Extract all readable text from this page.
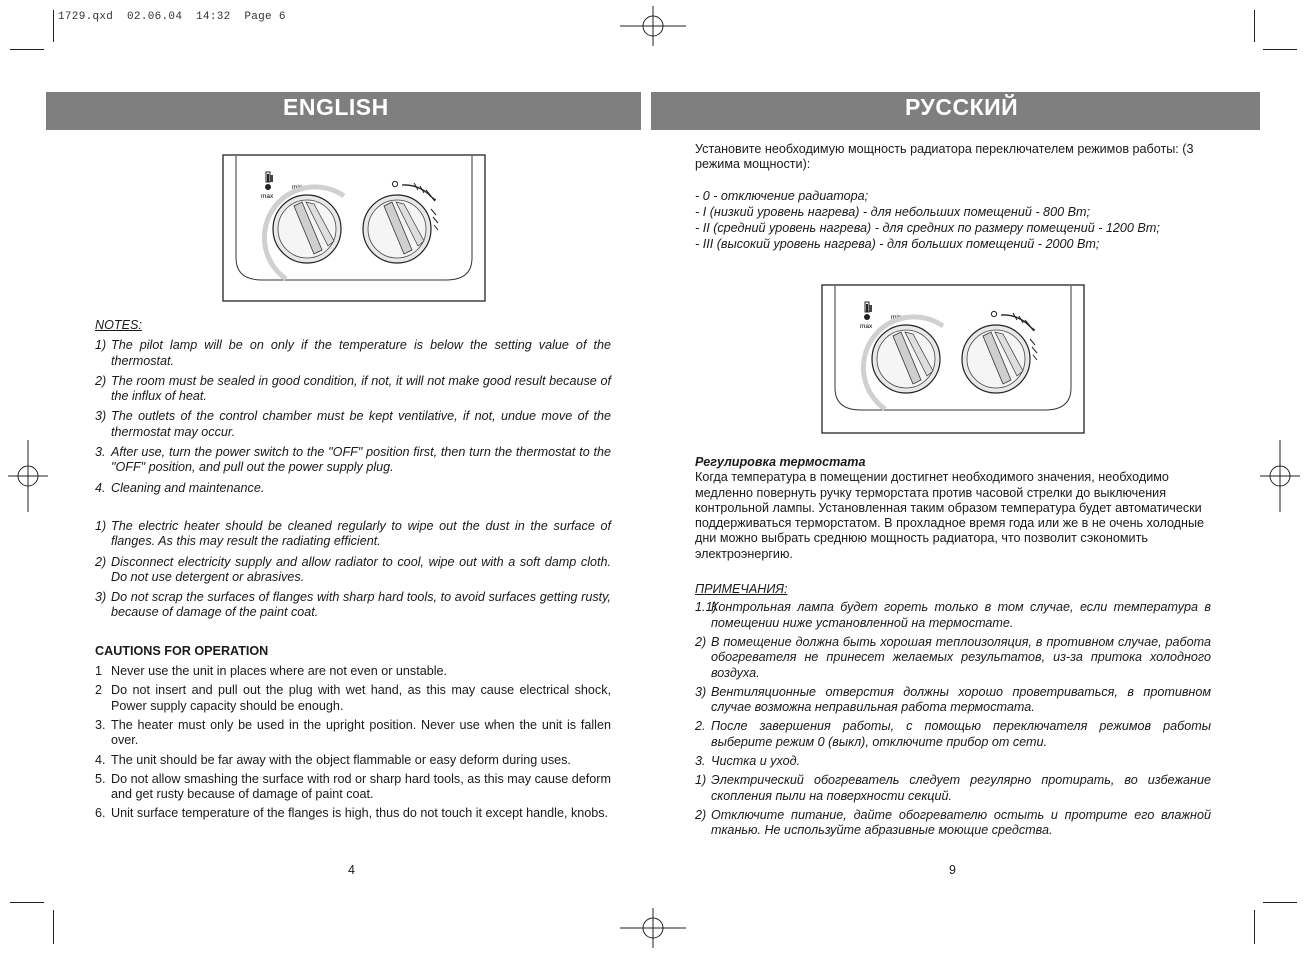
1729.qxd  02.06.04  14:32  Page 6
ENGLISH	РУССКИЙ
max
min
NOTES:
1) The pilot lamp will be on only if the temperature is below the setting value of the thermostat.
2) The room must be sealed in good condition, if not, it will not make good result because of the influx of heat.
3) The outlets of the control chamber must be kept ventilative, if not, undue move of the thermostat may occur.
3. After use, turn the power switch to the "OFF" position first, then turn the thermostat to the "OFF" position, and pull out the power supply plug.
4. Cleaning and maintenance.
1) The electric heater should be cleaned regularly to wipe out the dust in the surface of flanges. As this may result the radiating efficient.
2) Disconnect electricity supply and allow radiator to cool, wipe out with a soft damp cloth. Do not use detergent or abrasives.
3) Do not scrap the surfaces of flanges with sharp hard tools, to avoid surfaces getting rusty, because of damage of the paint coat.
CAUTIONS FOR OPERATION
1 Never use the unit in places where are not even or unstable.
2 Do not insert and pull out the plug with wet hand, as this may cause electrical shock, Power supply capacity should be enough.
3. The heater must only be used in the upright position. Never use when the unit is fallen over.
4. The unit should be far away with the object flammable or easy deform during uses.
5. Do not allow smashing the surface with rod or sharp hard tools, as this may cause deform and get rusty because of damage of paint coat.
6. Unit surface temperature of the flanges is high, thus do not touch it except handle, knobs.
4
Установите необходимую мощность радиатора переключателем режимов работы: (3 режима мощности):
- 0 - отключение радиатора;
- I (низкий уровень нагрева) - для небольших помещений - 800 Вт;
- II (средний уровень нагрева) - для средних по размеру помещений - 1200 Вт;
- III (высокий уровень нагрева) - для больших помещений - 2000 Вт;
max
min
Регулировка термостата
Когда температура в помещении достигнет необходимого значения, необходимо медленно повернуть ручку терморстата против часовой стрелки до выключения контрольной лампы. Установленная таким образом температура будет автоматически поддерживаться терморстатом. В прохладное время года или же в не очень холодные дни можно выбрать среднюю мощность радиатора, что позволит сэкономить электроэнергию.
ПРИМЕЧАНИЯ:
1.1)
Контрольная лампа будет гореть только в том случае, если температура в помещении ниже установленной на термостате.
2) В помещение должна быть хорошая теплоизоляция, в противном случае, работа обогревателя не принесет желаемых результатов, из-за притока холодного воздуха.
3) Вентиляционные отверстия должны хорошо проветриваться, в противном случае возможна неправильная работа термостата.
2. После завершения работы, с помощью переключателя режимов работы выберите режим 0 (выкл), отключите прибор от сети.
3. Чистка и уход.
1) Электрический обогреватель следует регулярно протирать, во избежание скопления пыли на поверхности секций.
2) Отключите питание, дайте обогревателю остыть и протрите его влажной тканью. Не используйте абразивные моющие средства.
9
